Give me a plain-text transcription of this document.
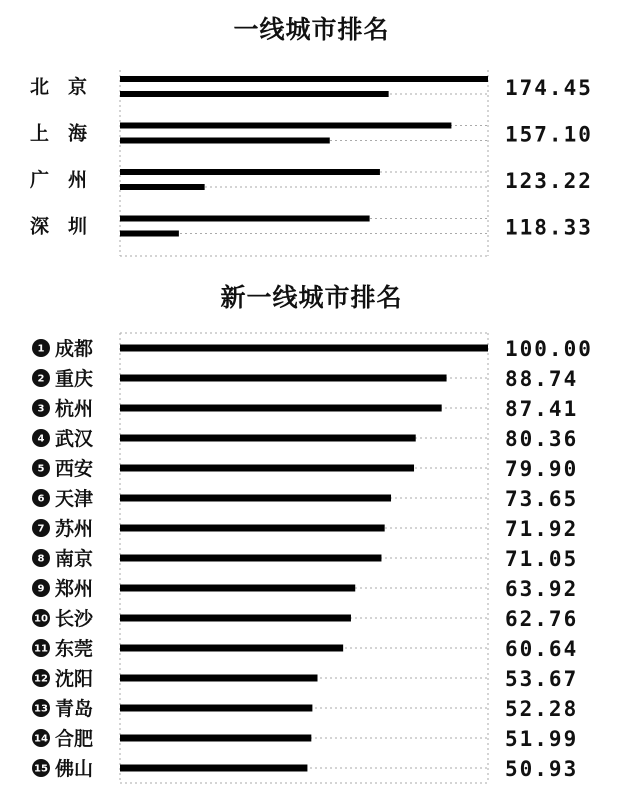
一线城市排名
北　京	174.45
上　海	157.10
广　州	123.22
深　圳	118.33
新一线城市排名
1 成都	100.00
2 重庆	88.74
3 杭州	87.41
4 武汉	80.36
5 西安	79.90
6 天津	73.65
7 苏州	71.92
8 南京	71.05
9 郑州	63.92
10 长沙	62.76
11 东莞	60.64
12 沈阳	53.67
13 青岛	52.28
14 合肥	51.99
15 佛山	50.93
